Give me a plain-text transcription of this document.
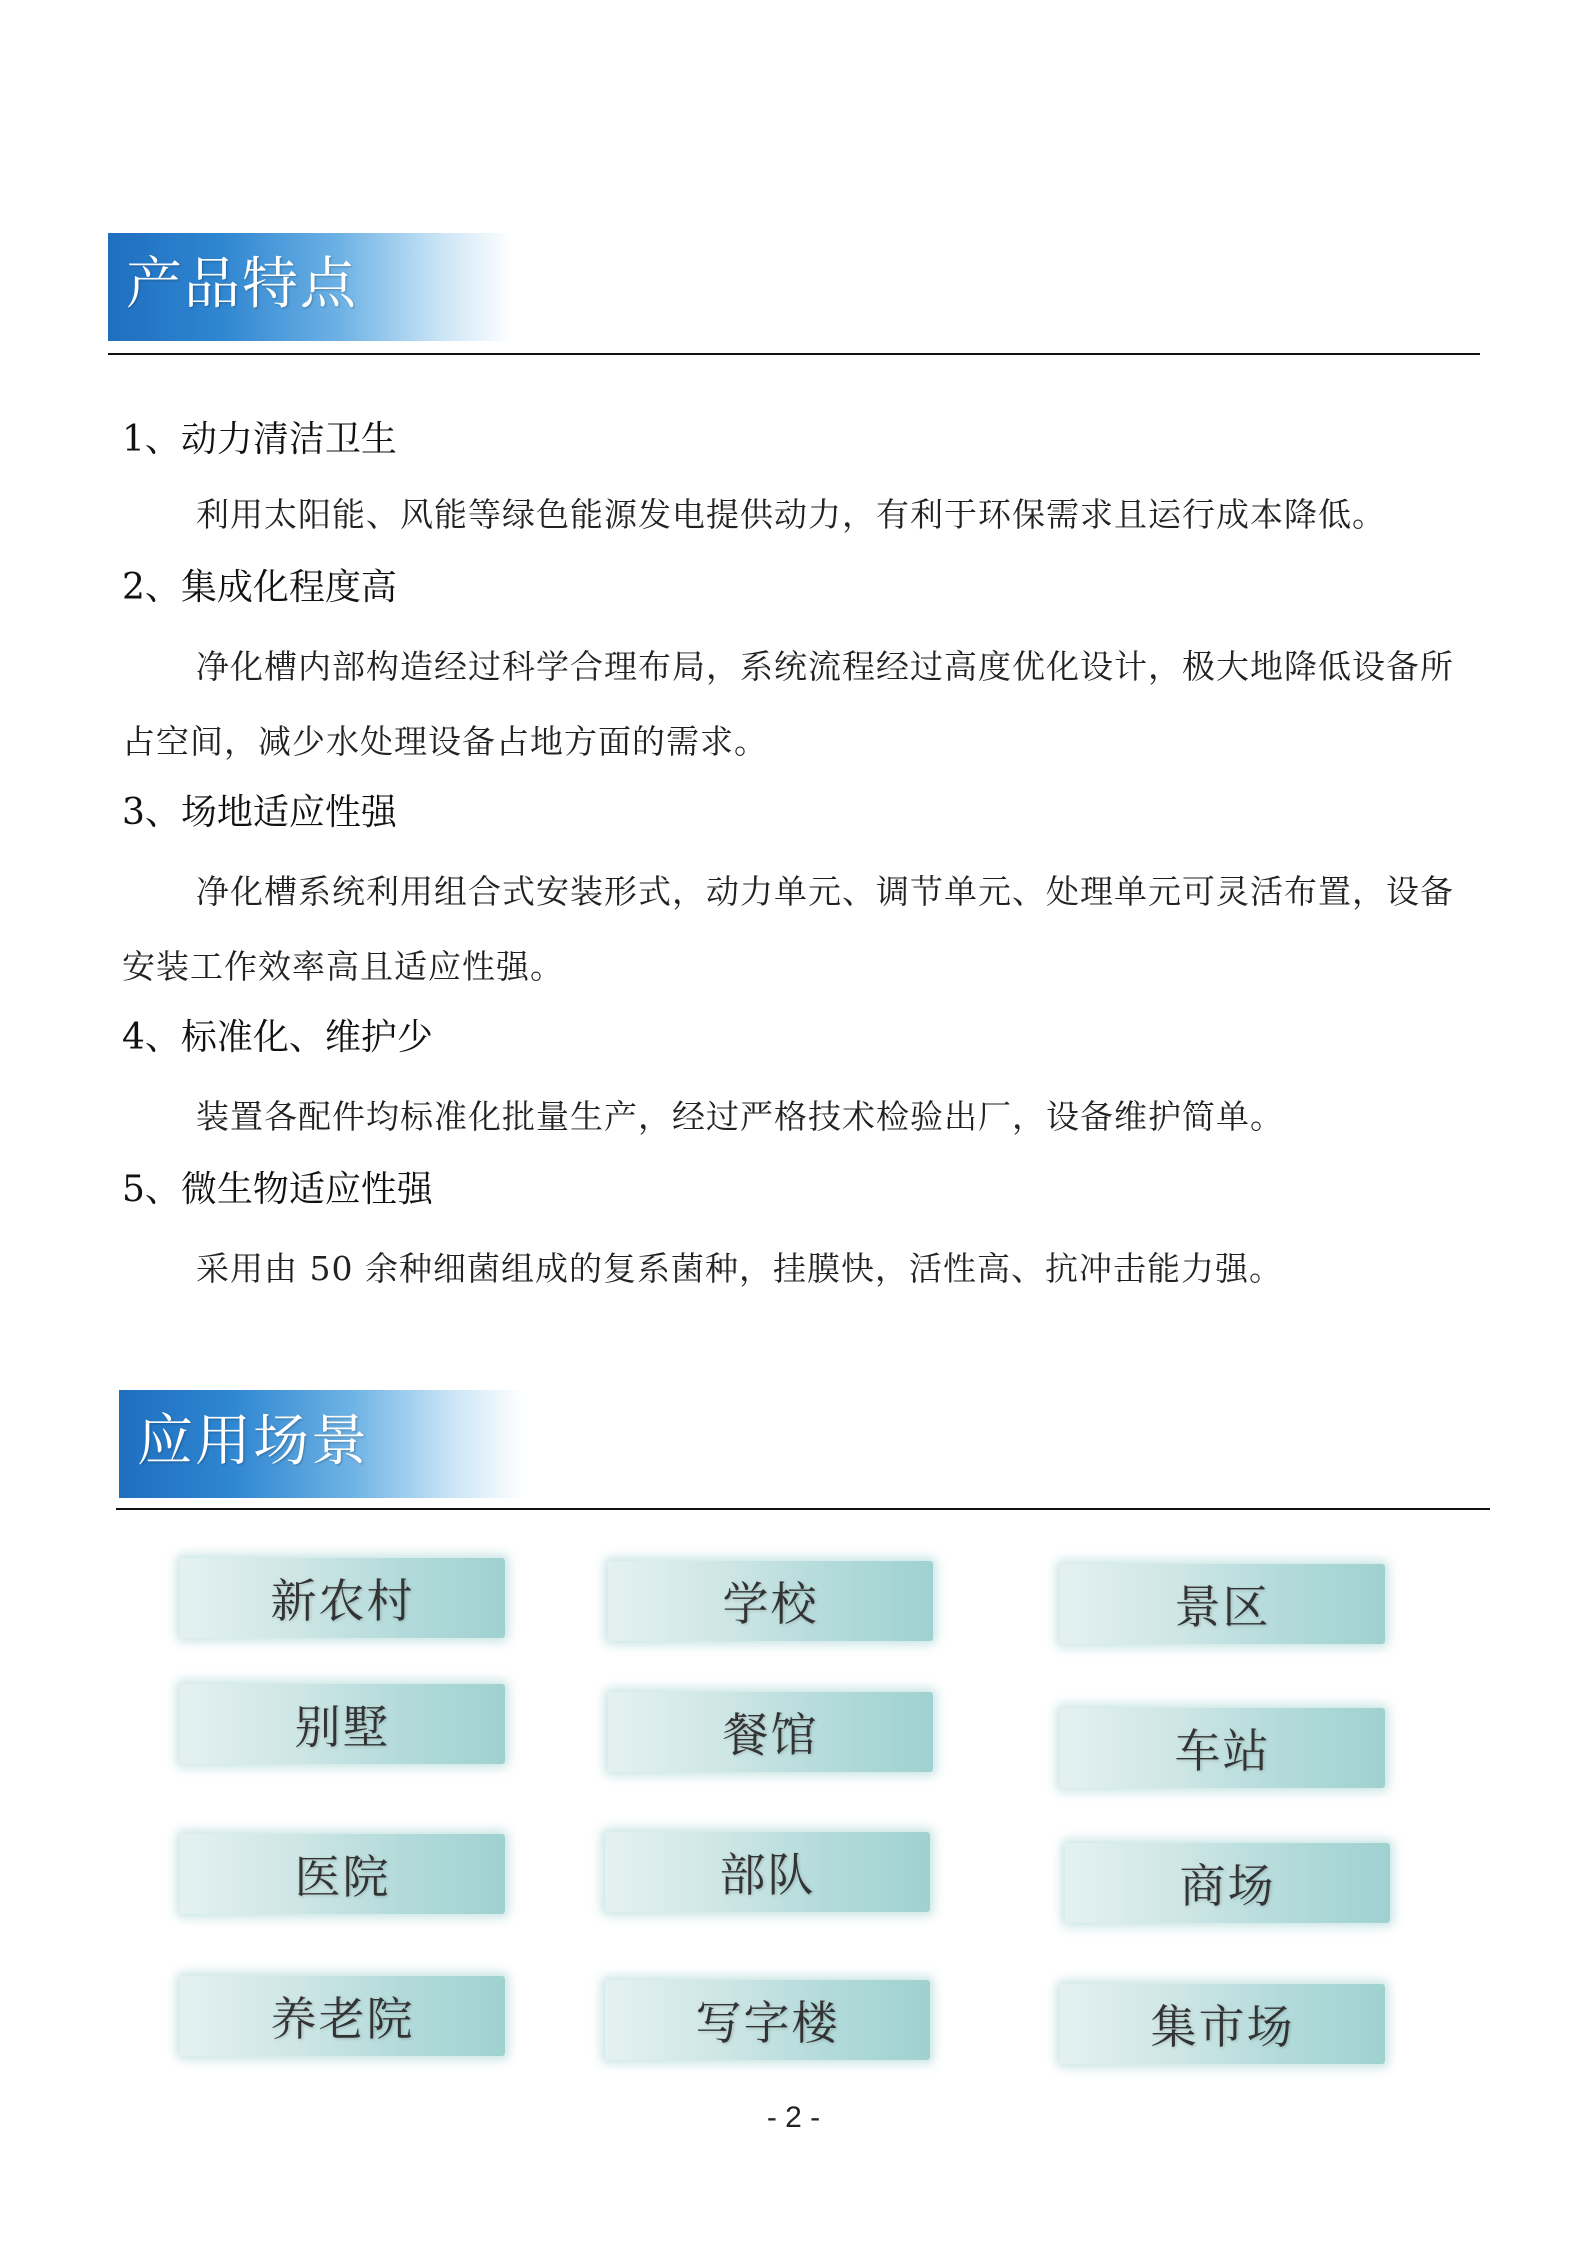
产品特点
1、动力清洁卫生

利用太阳能、风能等绿色能源发电提供动力，有利于环保需求且运行成本降低。

2、集成化程度高

净化槽内部构造经过科学合理布局，系统流程经过高度优化设计，极大地降低设备所占空间，减少水处理设备占地方面的需求。

3、场地适应性强

净化槽系统利用组合式安装形式，动力单元、调节单元、处理单元可灵活布置，设备安装工作效率高且适应性强。

4、标准化、维护少

装置各配件均标准化批量生产，经过严格技术检验出厂，设备维护简单。

5、微生物适应性强

采用由 50 余种细菌组成的复系菌种，挂膜快，活性高、抗冲击能力强。

应用场景
新农村	学校	景区
别墅	餐馆	车站
医院	部队	商场
养老院	写字楼	集市场
- 2 -
